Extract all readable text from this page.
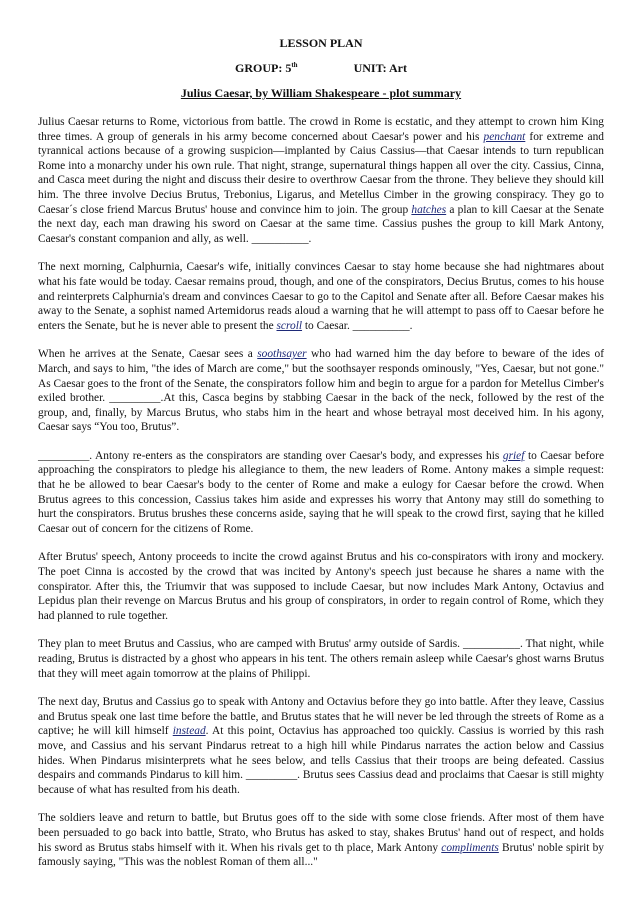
LESSON PLAN
GROUP: 5th	UNIT: Art
Julius Caesar, by William Shakespeare - plot summary

Julius Caesar returns to Rome, victorious from battle. The crowd in Rome is ecstatic, and they attempt to crown him King three times. A group of generals in his army become concerned about Caesar's power and his penchant for extreme and tyrannical actions because of a growing suspicion—implanted by Caius Cassius—that Caesar intends to turn republican Rome into a monarchy under his own rule. That night, strange, supernatural things happen all over the city. Cassius, Cinna, and Casca meet during the night and discuss their desire to overthrow Caesar from the throne. They believe they should kill him. The three involve Decius Brutus, Trebonius, Ligarus, and Metellus Cimber in the growing conspiracy. They go to Caesar´s close friend Marcus Brutus' house and convince him to join. The group hatches a plan to kill Caesar at the Senate the next day, each man drawing his sword on Caesar at the same time. Cassius pushes the group to kill Mark Antony, Caesar's constant companion and ally, as well. __________.

The next morning, Calphurnia, Caesar's wife, initially convinces Caesar to stay home because she had nightmares about what his fate would be today. Caesar remains proud, though, and one of the conspirators, Decius Brutus, comes to his house and reinterprets Calphurnia's dream and convinces Caesar to go to the Capitol and Senate after all. Before Caesar makes his away to the Senate, a sophist named Artemidorus reads aloud a warning that he will attempt to pass off to Caesar before he enters the Senate, but he is never able to present the scroll to Caesar. __________.

When he arrives at the Senate, Caesar sees a soothsayer who had warned him the day before to beware of the ides of March, and says to him, "the ides of March are come," but the soothsayer responds ominously, "Yes, Caesar, but not gone." As Caesar goes to the front of the Senate, the conspirators follow him and begin to argue for a pardon for Metellus Cimber's exiled brother. _________.At this, Casca begins by stabbing Caesar in the back of the neck, followed by the rest of the group, and, finally, by Marcus Brutus, who stabs him in the heart and whose betrayal most deceived him. In his agony, Caesar says “You too, Brutus”.

_________. Antony re-enters as the conspirators are standing over Caesar's body, and expresses his grief to Caesar before approaching the conspirators to pledge his allegiance to them, the new leaders of Rome. Antony makes a simple request: that he be allowed to bear Caesar's body to the center of Rome and make a eulogy for Caesar before the crowd. When Brutus agrees to this concession, Cassius takes him aside and expresses his worry that Antony may still do something to hurt the conspirators. Brutus brushes these concerns aside, saying that he will speak to the crowd first, saying that he killed Caesar out of concern for the citizens of Rome.

After Brutus' speech, Antony proceeds to incite the crowd against Brutus and his co-conspirators with irony and mockery. The poet Cinna is accosted by the crowd that was incited by Antony's speech just because he shares a name with the conspirator. After this, the Triumvir that was supposed to include Caesar, but now includes Mark Antony, Octavius and Lepidus plan their revenge on Marcus Brutus and his group of conspirators, in order to regain control of Rome, which they had planned to rule together.

They plan to meet Brutus and Cassius, who are camped with Brutus' army outside of Sardis. __________. That night, while reading, Brutus is distracted by a ghost who appears in his tent. The others remain asleep while Caesar's ghost warns Brutus that they will meet again tomorrow at the plains of Philippi.

The next day, Brutus and Cassius go to speak with Antony and Octavius before they go into battle. After they leave, Cassius and Brutus speak one last time before the battle, and Brutus states that he will never be led through the streets of Rome as a captive; he will kill himself instead. At this point, Octavius has approached too quickly. Cassius is worried by this rash move, and Cassius and his servant Pindarus retreat to a high hill while Pindarus narrates the action below and Cassius hides. When Pindarus misinterprets what he sees below, and tells Cassius that their troops are being defeated. Cassius despairs and commands Pindarus to kill him. _________. Brutus sees Cassius dead and proclaims that Caesar is still mighty because of what has resulted from his death.

The soldiers leave and return to battle, but Brutus goes off to the side with some close friends. After most of them have been persuaded to go back into battle, Strato, who Brutus has asked to stay, shakes Brutus' hand out of respect, and holds his sword as Brutus stabs himself with it. When his rivals get to th place, Mark Antony compliments Brutus' noble spirit by famously saying, "This was the noblest Roman of them all..."
